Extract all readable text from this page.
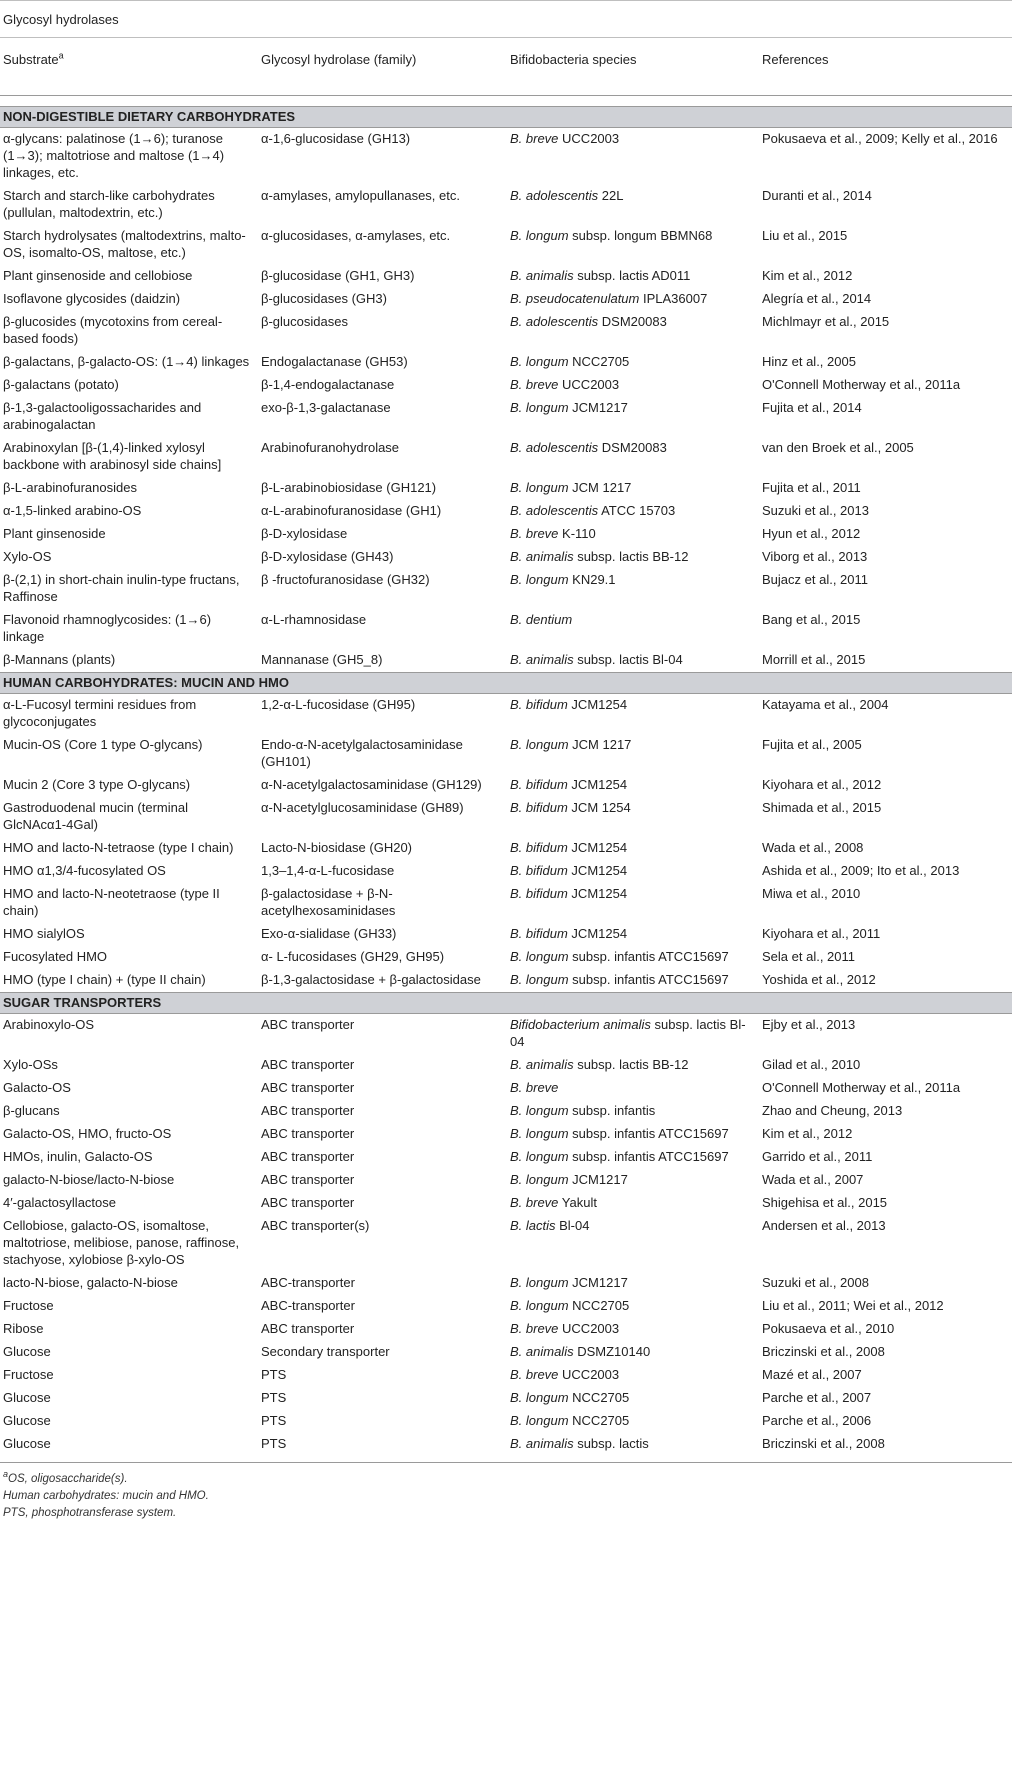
Glycosyl hydrolases			
Substrate$^a$	Glycosyl hydrolase (family)	Bifidobacteria species	References

NON-DIGESTIBLE DIETARY CARBOHYDRATES			
α-glycans: palatinose (1→6); turanose (1→3); maltotriose and maltose (1→4) linkages, etc.	α-1,6-glucosidase (GH13)	B. breve UCC2003	Pokusaeva et al., 2009; Kelly et al., 2016
Starch and starch-like carbohydrates (pullulan, maltodextrin, etc.)	α-amylases, amylopullanases, etc.	B. adolescentis 22L	Duranti et al., 2014
Starch hydrolysates (maltodextrins, malto-OS, isomalto-OS, maltose, etc.)	α-glucosidases, α-amylases, etc.	B. longum subsp. longum BBMN68	Liu et al., 2015
Plant ginsenoside and cellobiose	β-glucosidase (GH1, GH3)	B. animalis subsp. lactis AD011	Kim et al., 2012
Isoflavone glycosides (daidzin)	β-glucosidases (GH3)	B. pseudocatenulatum IPLA36007	Alegría et al., 2014
β-glucosides (mycotoxins from cereal-based foods)	β-glucosidases	B. adolescentis DSM20083	Michlmayr et al., 2015
β-galactans, β-galacto-OS: (1→4) linkages	Endogalactanase (GH53)	B. longum NCC2705	Hinz et al., 2005
β-galactans (potato)	β-1,4-endogalactanase	B. breve UCC2003	O'Connell Motherway et al., 2011a
β-1,3-galactooligossacharides and arabinogalactan	exo-β-1,3-galactanase	B. longum JCM1217	Fujita et al., 2014
Arabinoxylan [β-(1,4)-linked xylosyl backbone with arabinosyl side chains]	Arabinofuranohydrolase	B. adolescentis DSM20083	van den Broek et al., 2005
β-L-arabinofuranosides	β-L-arabinobiosidase (GH121)	B. longum JCM 1217	Fujita et al., 2011
α-1,5-linked arabino-OS	α-L-arabinofuranosidase (GH1)	B. adolescentis ATCC 15703	Suzuki et al., 2013
Plant ginsenoside	β-D-xylosidase	B. breve K-110	Hyun et al., 2012
Xylo-OS	β-D-xylosidase (GH43)	B. animalis subsp. lactis BB-12	Viborg et al., 2013
β-(2,1) in short-chain inulin-type fructans, Raffinose	β -fructofuranosidase (GH32)	B. longum KN29.1	Bujacz et al., 2011
Flavonoid rhamnoglycosides: (1→6) linkage	α-L-rhamnosidase	B. dentium	Bang et al., 2015
β-Mannans (plants)	Mannanase (GH5_8)	B. animalis subsp. lactis Bl-04	Morrill et al., 2015
HUMAN CARBOHYDRATES: MUCIN AND HMO			
α-L-Fucosyl termini residues from glycoconjugates	1,2-α-L-fucosidase (GH95)	B. bifidum JCM1254	Katayama et al., 2004
Mucin-OS (Core 1 type O-glycans)	Endo-α-N-acetylgalactosaminidase (GH101)	B. longum JCM 1217	Fujita et al., 2005
Mucin 2 (Core 3 type O-glycans)	α-N-acetylgalactosaminidase (GH129)	B. bifidum JCM1254	Kiyohara et al., 2012
Gastroduodenal mucin (terminal GlcNAcα1-4Gal)	α-N-acetylglucosaminidase (GH89)	B. bifidum JCM 1254	Shimada et al., 2015
HMO and lacto-N-tetraose (type I chain)	Lacto-N-biosidase (GH20)	B. bifidum JCM1254	Wada et al., 2008
HMO α1,3/4-fucosylated OS	1,3–1,4-α-L-fucosidase	B. bifidum JCM1254	Ashida et al., 2009; Ito et al., 2013
HMO and lacto-N-neotetraose (type II chain)	β-galactosidase + β-N-acetylhexosaminidases	B. bifidum JCM1254	Miwa et al., 2010
HMO sialylOS	Exo-α-sialidase (GH33)	B. bifidum JCM1254	Kiyohara et al., 2011
Fucosylated HMO	α- L-fucosidases (GH29, GH95)	B. longum subsp. infantis ATCC15697	Sela et al., 2011
HMO (type I chain) + (type II chain)	β-1,3-galactosidase + β-galactosidase	B. longum subsp. infantis ATCC15697	Yoshida et al., 2012
SUGAR TRANSPORTERS			
Arabinoxylo-OS	ABC transporter	Bifidobacterium animalis subsp. lactis Bl-04	Ejby et al., 2013
Xylo-OSs	ABC transporter	B. animalis subsp. lactis BB-12	Gilad et al., 2010
Galacto-OS	ABC transporter	B. breve	O'Connell Motherway et al., 2011a
β-glucans	ABC transporter	B. longum subsp. infantis	Zhao and Cheung, 2013
Galacto-OS, HMO, fructo-OS	ABC transporter	B. longum subsp. infantis ATCC15697	Kim et al., 2012
HMOs, inulin, Galacto-OS	ABC transporter	B. longum subsp. infantis ATCC15697	Garrido et al., 2011
galacto-N-biose/lacto-N-biose	ABC transporter	B. longum JCM1217	Wada et al., 2007
4′-galactosyllactose	ABC transporter	B. breve Yakult	Shigehisa et al., 2015
Cellobiose, galacto-OS, isomaltose, maltotriose, melibiose, panose, raffinose, stachyose, xylobiose β-xylo-OS	ABC transporter(s)	B. lactis Bl-04	Andersen et al., 2013
lacto-N-biose, galacto-N-biose	ABC-transporter	B. longum JCM1217	Suzuki et al., 2008
Fructose	ABC-transporter	B. longum NCC2705	Liu et al., 2011; Wei et al., 2012
Ribose	ABC transporter	B. breve UCC2003	Pokusaeva et al., 2010
Glucose	Secondary transporter	B. animalis DSMZ10140	Briczinski et al., 2008
Fructose	PTS	B. breve UCC2003	Mazé et al., 2007
Glucose	PTS	B. longum NCC2705	Parche et al., 2007
Glucose	PTS	B. longum NCC2705	Parche et al., 2006
Glucose	PTS	B. animalis subsp. lactis	Briczinski et al., 2008
$^a$OS, oligosaccharide(s).
Human carbohydrates: mucin and HMO.
PTS, phosphotransferase system.
